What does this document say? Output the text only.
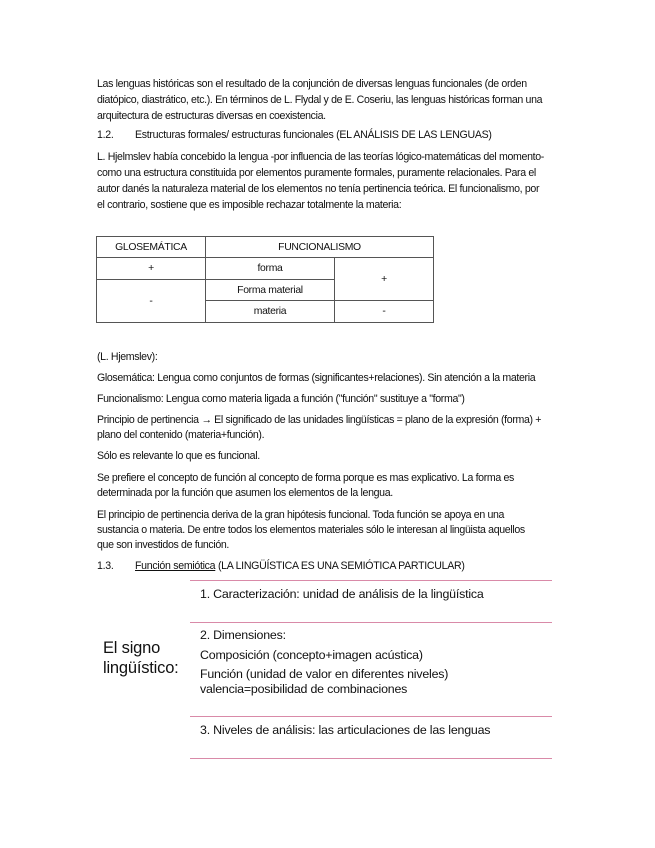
Las lenguas históricas son el resultado de la conjunción de diversas lenguas funcionales (de orden

diatópico, diastrático, etc.). En términos de L. Flydal y de E. Coseriu, las lenguas históricas forman una

arquitectura de estructuras diversas en coexistencia.

1.2. Estructuras formales/ estructuras funcionales (EL ANÁLISIS DE LAS LENGUAS)

L. Hjelmslev había concebido la lengua -por influencia de las teorías lógico-matemáticas del momento-

como una estructura constituida por elementos puramente formales, puramente relacionales. Para el

autor danés la naturaleza material de los elementos no tenía pertinencia teórica. El funcionalismo, por

el contrario, sostiene que es imposible rechazar totalmente la materia:

GLOSEMÁTICA	FUNCIONALISMO	
+	forma	+
-	Forma material	
	materia	-

(L. Hjemslev):

Glosemática: Lengua como conjuntos de formas (significantes+relaciones). Sin atención a la materia

Funcionalismo: Lengua como materia ligada a función ("función" sustituye a "forma")

Principio de pertinencia → El significado de las unidades lingüísticas = plano de la expresión (forma) +

plano del contenido (materia+función).

Sólo es relevante lo que es funcional.

Se prefiere el concepto de función al concepto de forma porque es mas explicativo. La forma es

determinada por la función que asumen los elementos de la lengua.

El principio de pertinencia deriva de la gran hipótesis funcional. Toda función se apoya en una

sustancia o materia. De entre todos los elementos materiales sólo le interesan al lingüista aquellos

que son investidos de función.

1.3. Función semiótica (LA LINGÜÍSTICA ES UNA SEMIÓTICA PARTICULAR)

El signo
lingüístico:

1. Caracterización: unidad de análisis de la lingüística

2. Dimensiones:

Composición (concepto+imagen acústica)

Función (unidad de valor en diferentes niveles)

valencia=posibilidad de combinaciones

3. Niveles de análisis: las articulaciones de las lenguas
